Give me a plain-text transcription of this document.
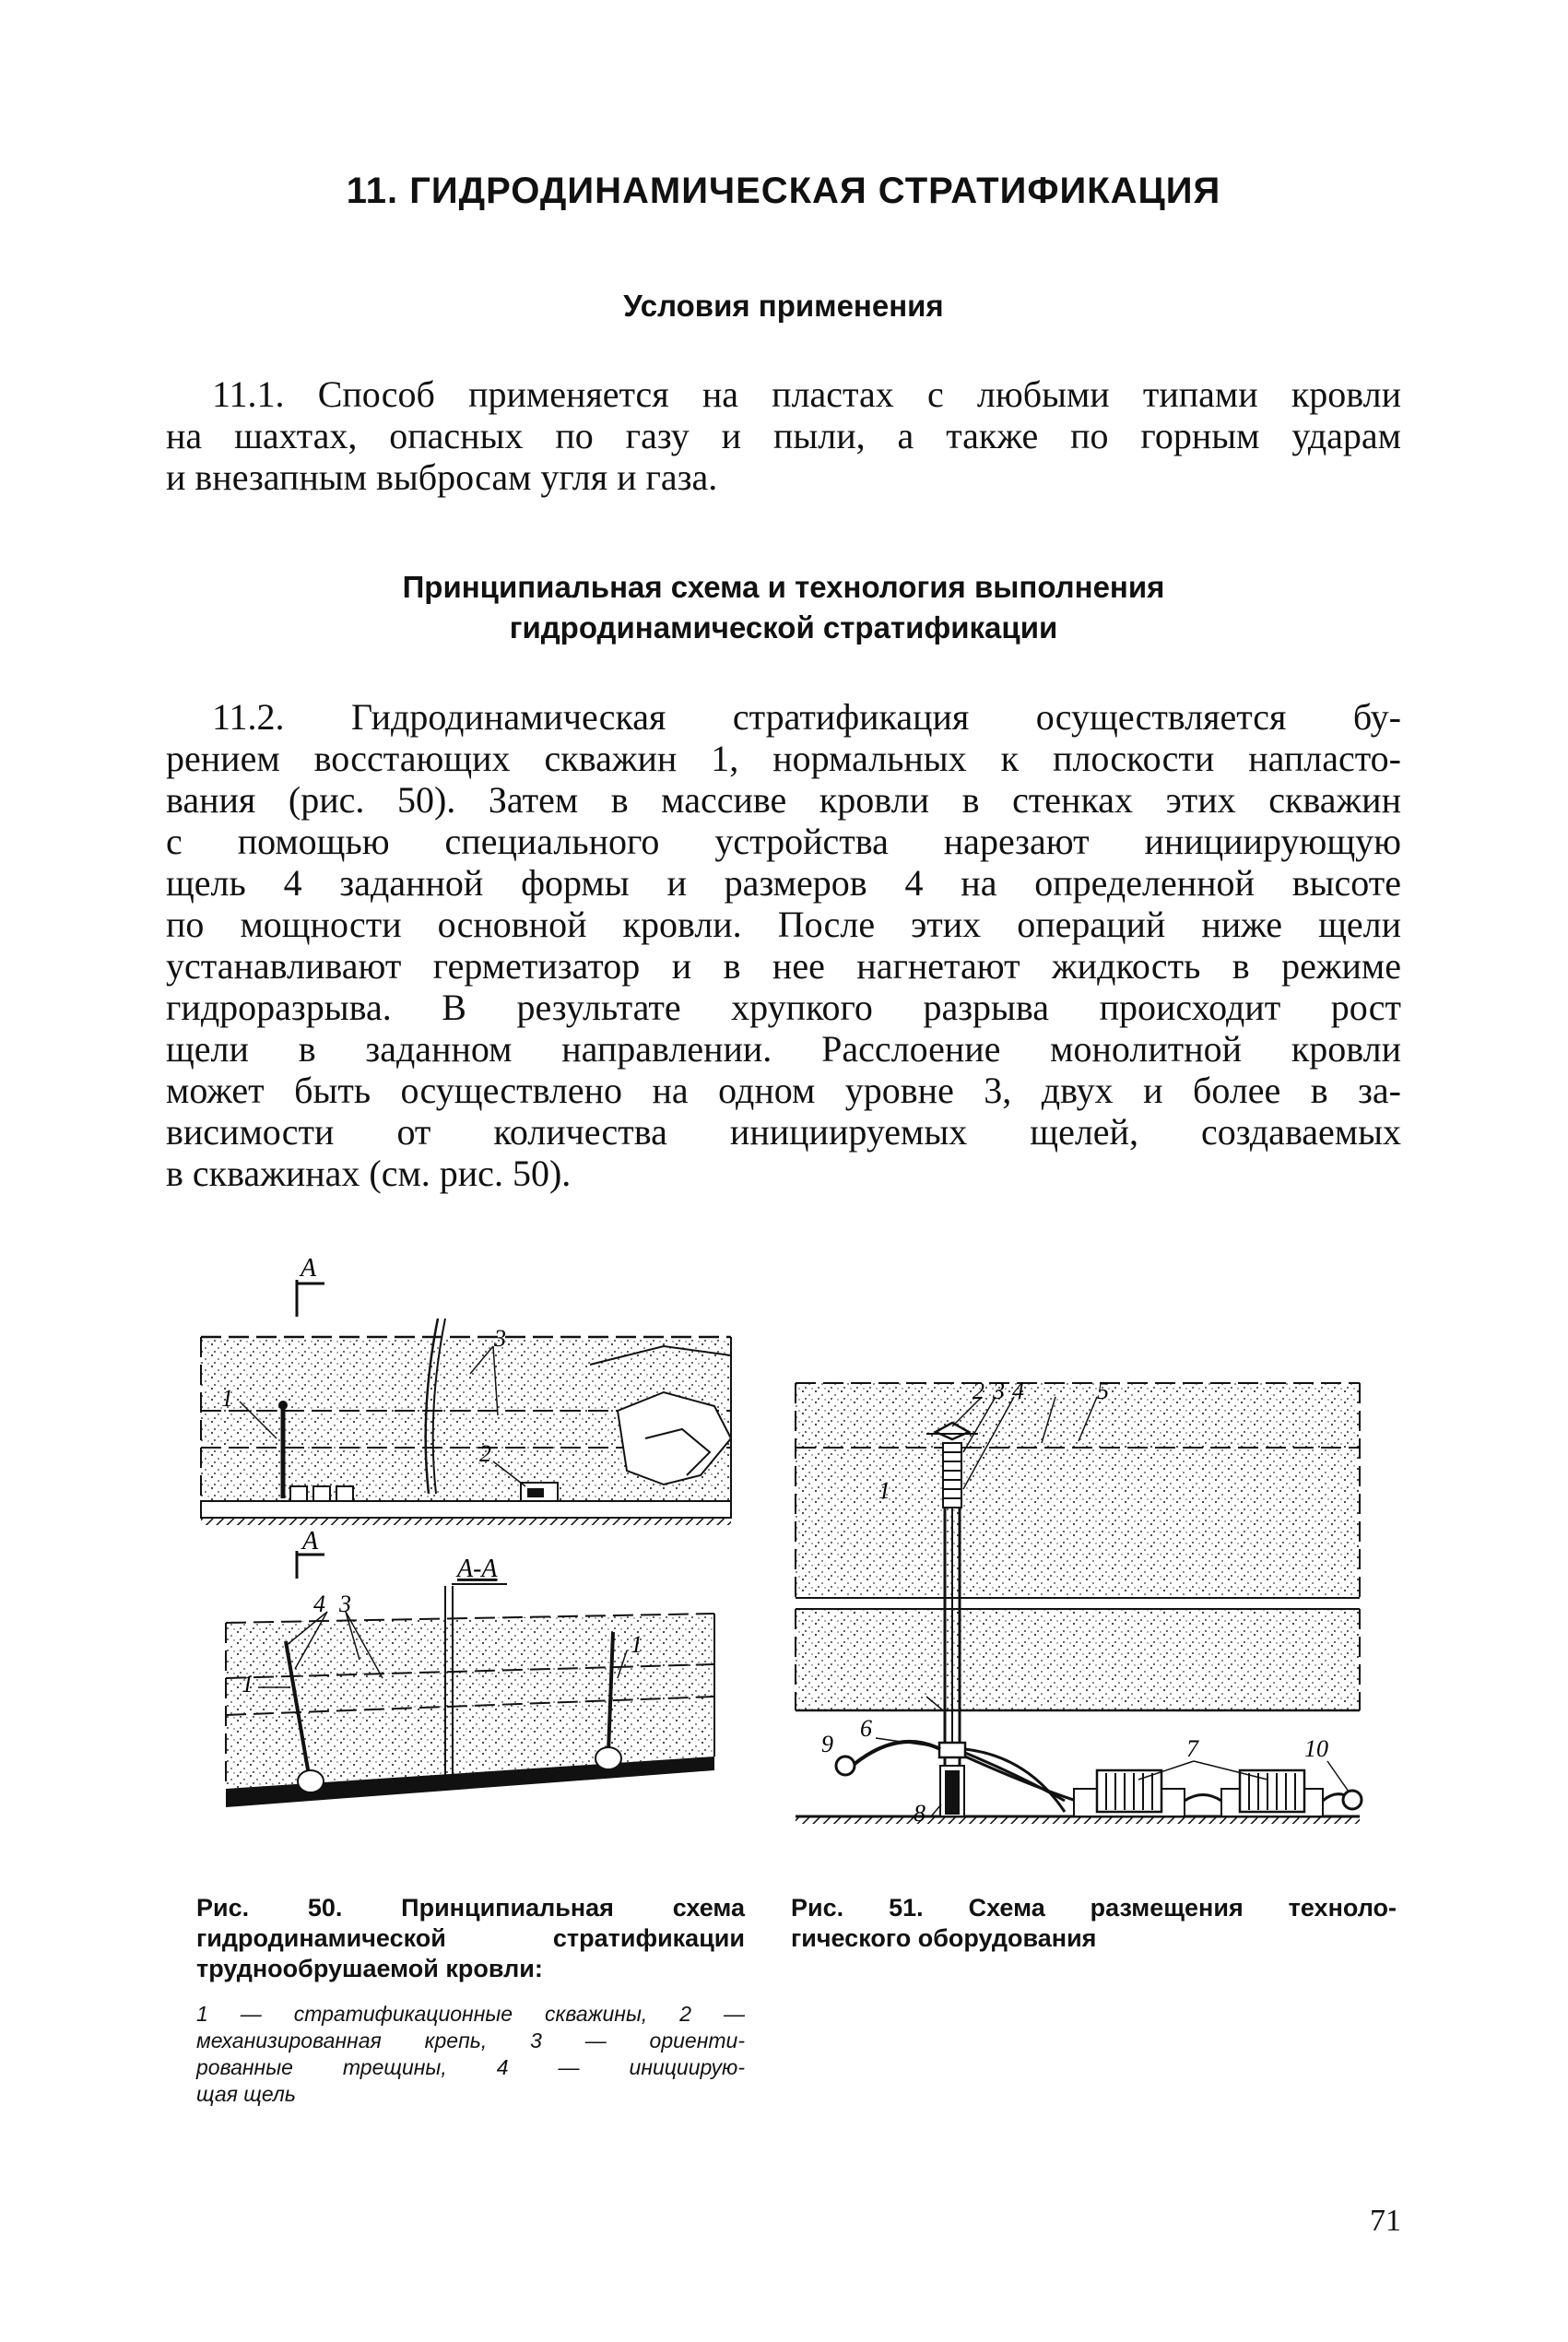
11. ГИДРОДИНАМИЧЕСКАЯ СТРАТИФИКАЦИЯ
Условия применения
11.1. Способ применяется на пластах с любыми типами кровли
на шахтах, опасных по газу и пыли, а также по горным ударам
и внезапным выбросам угля и газа.
Принципиальная схема и технология выполнения
гидродинамической стратификации
11.2. Гидродинамическая стратификация осуществляется бу-
рением восстающих скважин 1, нормальных к плоскости напласто-
вания (рис. 50). Затем в массиве кровли в стенках этих скважин
с помощью специального устройства нарезают инициирующую
щель 4 заданной формы и размеров 4 на определенной высоте
по мощности основной кровли. После этих операций ниже щели
устанавливают герметизатор и в нее нагнетают жидкость в режиме
гидроразрыва. В результате хрупкого разрыва происходит рост
щели в заданном направлении. Расслоение монолитной кровли
может быть осуществлено на одном уровне 3, двух и более в за-
висимости от количества инициируемых щелей, создаваемых
в скважинах (см. рис. 50).
A
1
3
2
A
A-A
1
4 3
1
1
2 3 4	5
6
7
8
9	10
Рис. 50. Принципиальная схема
гидродинамической стратификации
труднообрушаемой кровли:
1 — стратификационные скважины, 2 —
механизированная крепь, 3 — ориенти-
рованные трещины, 4 — инициирую-
щая щель
Рис. 51. Схема размещения техноло-
гического оборудования
71
